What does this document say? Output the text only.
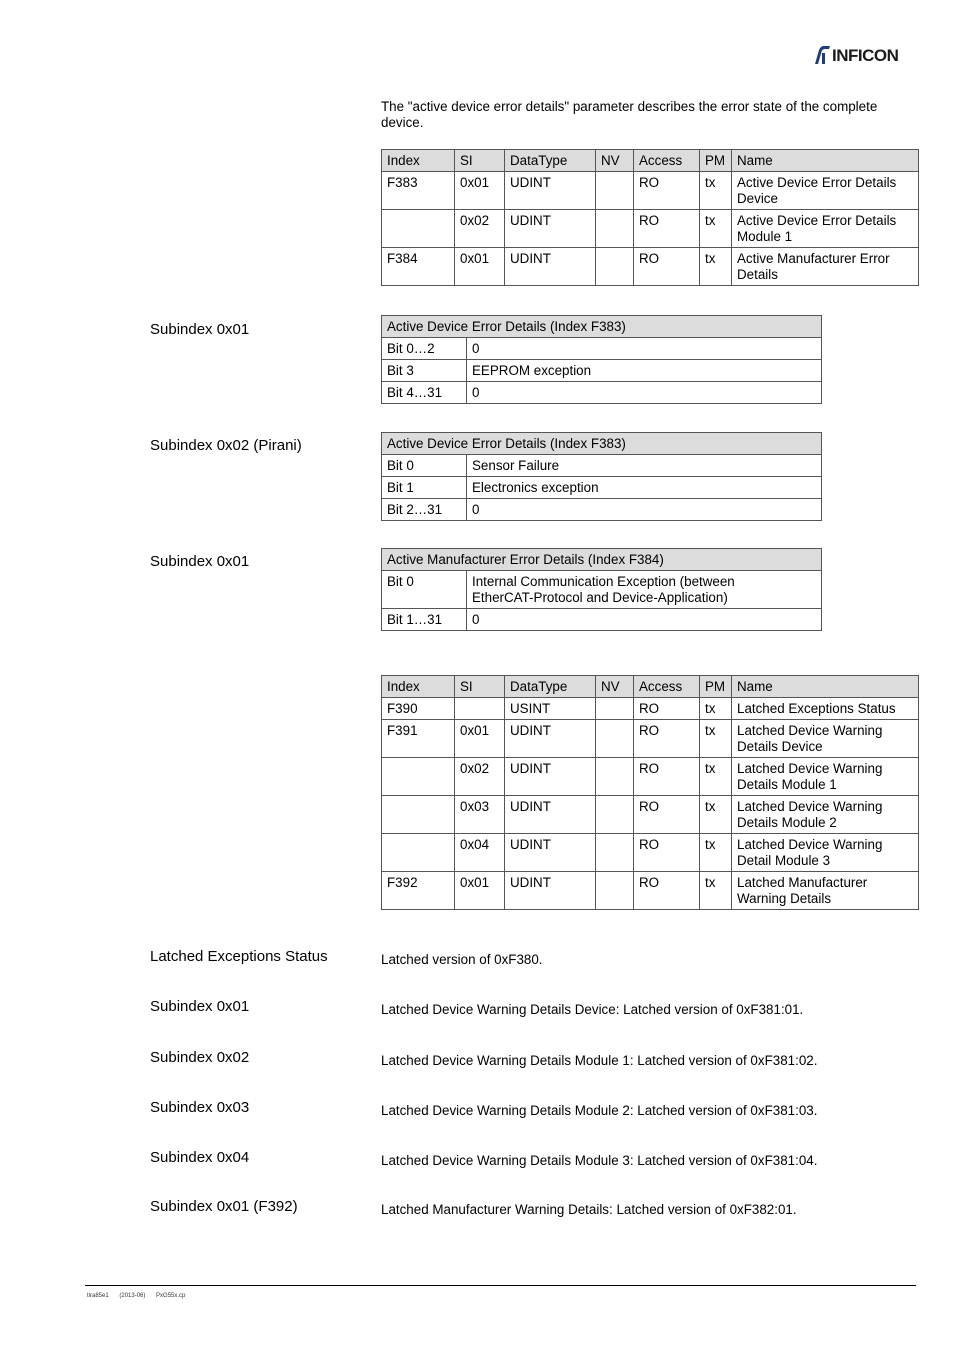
INFICON
The "active device error details" parameter describes the error state of the complete device.
Index	SI	DataType	NV	Access	PM	Name
F383	0x01	UDINT		RO	tx	Active Device Error Details Device
	0x02	UDINT		RO	tx	Active Device Error Details Module 1
F384	0x01	UDINT		RO	tx	Active Manufacturer Error Details
Subindex 0x01	Active Device Error Details (Index F383)	
Bit 0…2	0
Bit 3	EEPROM exception
Bit 4…31	0
Subindex 0x02 (Pirani)	Active Device Error Details (Index F383)	
Bit 0	Sensor Failure
Bit 1	Electronics exception
Bit 2…31	0
Subindex 0x01	Active Manufacturer Error Details (Index F384)	
Bit 0	Internal Communication Exception (between EtherCAT-Protocol and Device-Application)
Bit 1…31	0
Index	SI	DataType	NV	Access	PM	Name
F390		USINT		RO	tx	Latched Exceptions Status
F391	0x01	UDINT		RO	tx	Latched Device Warning Details Device
	0x02	UDINT		RO	tx	Latched Device Warning Details Module 1
	0x03	UDINT		RO	tx	Latched Device Warning Details Module 2
	0x04	UDINT		RO	tx	Latched Device Warning Detail Module 3
F392	0x01	UDINT		RO	tx	Latched Manufacturer Warning Details
Latched Exceptions Status	Latched version of 0xF380.
Subindex 0x01	Latched Device Warning Details Device: Latched version of 0xF381:01.
Subindex 0x02	Latched Device Warning Details Module 1: Latched version of 0xF381:02.
Subindex 0x03	Latched Device Warning Details Module 2: Latched version of 0xF381:03.
Subindex 0x04	Latched Device Warning Details Module 3: Latched version of 0xF381:04.
Subindex 0x01 (F392)	Latched Manufacturer Warning Details: Latched version of 0xF382:01.
tira85e1 (2013-06) PxG55x.cp
